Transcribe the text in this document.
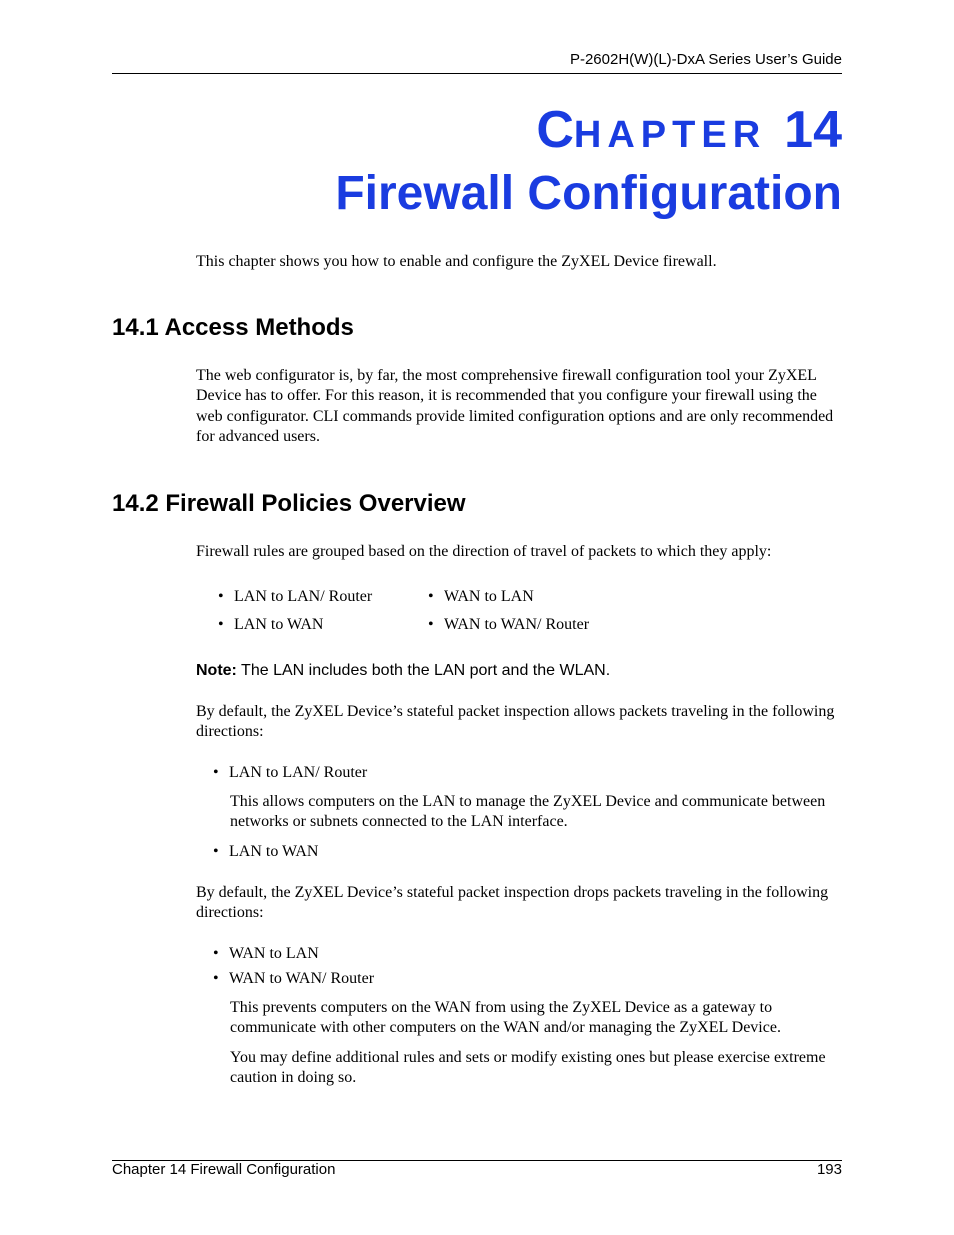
P-2602H(W)(L)-DxA Series User’s Guide
CHAPTER 14
Firewall Configuration
This chapter shows you how to enable and configure the ZyXEL Device firewall.
14.1 Access Methods
The web configurator is, by far, the most comprehensive firewall configuration tool your ZyXEL Device has to offer. For this reason, it is recommended that you configure your firewall using the web configurator. CLI commands provide limited configuration options and are only recommended for advanced users.
14.2 Firewall Policies Overview
Firewall rules are grouped based on the direction of travel of packets to which they apply:
• LAN to LAN/ Router
• LAN to WAN
• WAN to LAN
• WAN to WAN/ Router
Note: The LAN includes both the LAN port and the WLAN.
By default, the ZyXEL Device’s stateful packet inspection allows packets traveling in the following directions:
• LAN to LAN/ Router
This allows computers on the LAN to manage the ZyXEL Device and communicate between networks or subnets connected to the LAN interface.
• LAN to WAN
By default, the ZyXEL Device’s stateful packet inspection drops packets traveling in the following directions:
• WAN to LAN
• WAN to WAN/ Router
This prevents computers on the WAN from using the ZyXEL Device as a gateway to communicate with other computers on the WAN and/or managing the ZyXEL Device.
You may define additional rules and sets or modify existing ones but please exercise extreme caution in doing so.
Chapter 14 Firewall Configuration	193
